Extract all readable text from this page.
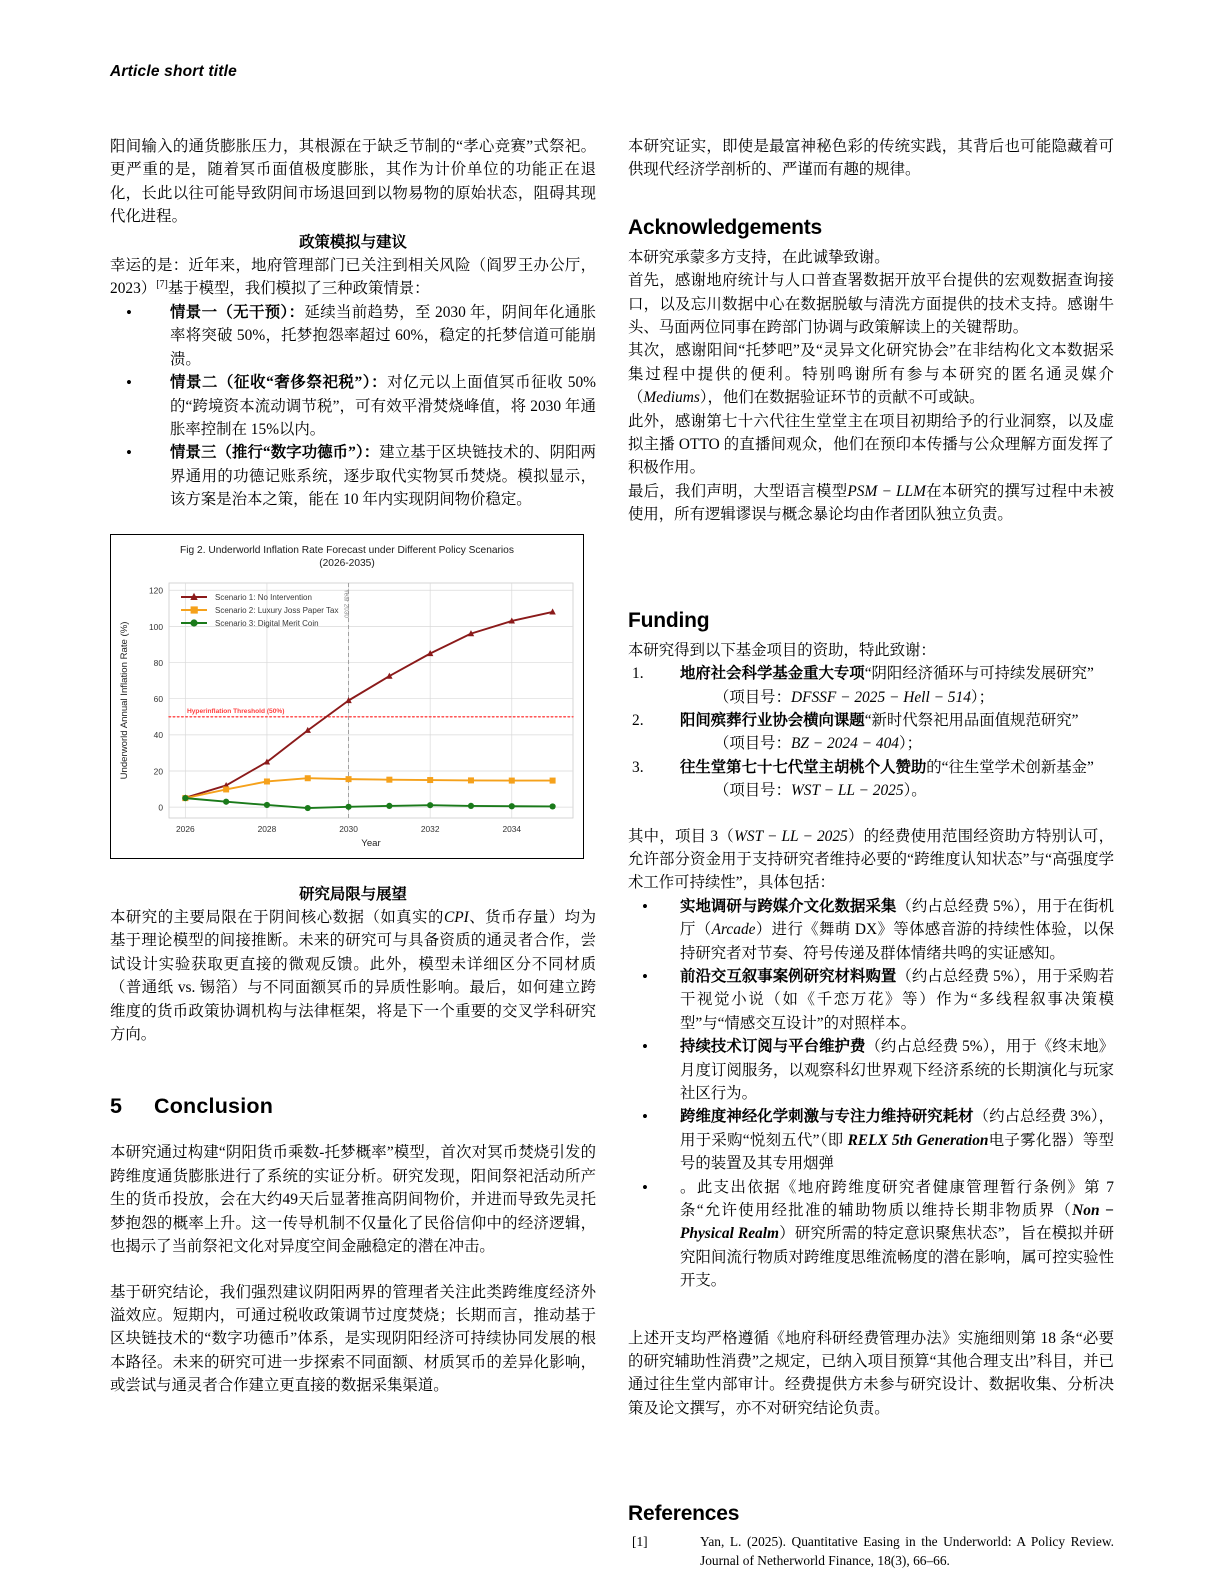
Article short title

阳间输入的通货膨胀压力，其根源在于缺乏节制的“孝心竞赛”式祭祀。更严重的是，随着冥币面值极度膨胀，其作为计价单位的功能正在退化，长此以往可能导致阴间市场退回到以物易物的原始状态，阻碍其现代化进程。

政策模拟与建议

幸运的是：近年来，地府管理部门已关注到相关风险（阎罗王办公厅，2023）[7]基于模型，我们模拟了三种政策情景：

• 情景一（无干预）：延续当前趋势，至 2030 年，阴间年化通胀率将突破 50%，托梦抱怨率超过 60%，稳定的托梦信道可能崩溃。
• 情景二（征收“奢侈祭祀税”）：对亿元以上面值冥币征收 50% 的“跨境资本流动调节税”，可有效平滑焚烧峰值，将 2030 年通胀率控制在 15%以内。
• 情景三（推行“数字功德币”）：建立基于区块链技术的、阴阳两界通用的功德记账系统，逐步取代实物冥币焚烧。模拟显示，该方案是治本之策，能在 10 年内实现阴间物价稳定。
Fig 2. Underworld Inflation Rate Forecast under Different Policy Scenarios
(2026-2035)
0
20
40
60
80
100
120
2026	2028	2030	2032	2034
Year
Underworld Annual Inflation Rate (%)	Hyperinflation Threshold (50%)
Year 2030
Scenario 1: No Intervention
Scenario 2: Luxury Joss Paper Tax
Scenario 3: Digital Merit Coin
研究局限与展望

本研究的主要局限在于阴间核心数据（如真实的CPI、货币存量）均为基于理论模型的间接推断。未来的研究可与具备资质的通灵者合作，尝试设计实验获取更直接的微观反馈。此外，模型未详细区分不同材质（普通纸 vs. 锡箔）与不同面额冥币的异质性影响。最后，如何建立跨维度的货币政策协调机构与法律框架，将是下一个重要的交叉学科研究方向。

5 Conclusion

本研究通过构建“阴阳货币乘数-托梦概率”模型，首次对冥币焚烧引发的跨维度通货膨胀进行了系统的实证分析。研究发现，阳间祭祀活动所产生的货币投放，会在大约49天后显著推高阴间物价，并进而导致先灵托梦抱怨的概率上升。这一传导机制不仅量化了民俗信仰中的经济逻辑，也揭示了当前祭祀文化对异度空间金融稳定的潜在冲击。

基于研究结论，我们强烈建议阴阳两界的管理者关注此类跨维度经济外溢效应。短期内，可通过税收政策调节过度焚烧；长期而言，推动基于区块链技术的“数字功德币”体系，是实现阴阳经济可持续协同发展的根本路径。未来的研究可进一步探索不同面额、材质冥币的差异化影响，或尝试与通灵者合作建立更直接的数据采集渠道。

本研究证实，即使是最富神秘色彩的传统实践，其背后也可能隐藏着可供现代经济学剖析的、严谨而有趣的规律。

Acknowledgements

本研究承蒙多方支持，在此诚挚致谢。

首先，感谢地府统计与人口普查署数据开放平台提供的宏观数据查询接口，以及忘川数据中心在数据脱敏与清洗方面提供的技术支持。感谢牛头、马面两位同事在跨部门协调与政策解读上的关键帮助。

其次，感谢阳间“托梦吧”及“灵异文化研究协会”在非结构化文本数据采集过程中提供的便利。特别鸣谢所有参与本研究的匿名通灵媒介（Mediums），他们在数据验证环节的贡献不可或缺。

此外，感谢第七十六代往生堂堂主在项目初期给予的行业洞察，以及虚拟主播 OTTO 的直播间观众，他们在预印本传播与公众理解方面发挥了积极作用。

最后，我们声明，大型语言模型PSM − LLM在本研究的撰写过程中未被使用，所有逻辑谬误与概念暴论均由作者团队独立负责。

Funding

本研究得到以下基金项目的资助，特此致谢：

地府社会科学基金重大专项“阴阳经济循环与可持续发展研究”
（项目号：DFSSF − 2025 − Hell − 514）；
阳间殡葬行业协会横向课题“新时代祭祀用品面值规范研究”
（项目号：BZ − 2024 − 404）；
往生堂第七十七代堂主胡桃个人赞助的“往生堂学术创新基金”
（项目号：WST − LL − 2025）。

其中，项目 3（WST − LL − 2025）的经费使用范围经资助方特别认可，允许部分资金用于支持研究者维持必要的“跨维度认知状态”与“高强度学术工作可持续性”，具体包括：

• 实地调研与跨媒介文化数据采集（约占总经费 5%），用于在街机厅（Arcade）进行《舞萌 DX》等体感音游的持续性体验，以保持研究者对节奏、符号传递及群体情绪共鸣的实证感知。
• 前沿交互叙事案例研究材料购置（约占总经费 5%），用于采购若干视觉小说（如《千恋万花》等）作为“多线程叙事决策模型”与“情感交互设计”的对照样本。
• 持续技术订阅与平台维护费（约占总经费 5%），用于《终末地》月度订阅服务，以观察科幻世界观下经济系统的长期演化与玩家社区行为。
• 跨维度神经化学刺激与专注力维持研究耗材（约占总经费 3%），用于采购“悦刻五代”（即 RELX 5th Generation电子雾化器）等型号的装置及其专用烟弹
• 。此支出依据《地府跨维度研究者健康管理暂行条例》第 7 条“允许使用经批准的辅助物质以维持长期非物质界（Non − Physical Realm）研究所需的特定意识聚焦状态”，旨在模拟并研究阳间流行物质对跨维度思维流畅度的潜在影响，属可控实验性开支。

上述开支均严格遵循《地府科研经费管理办法》实施细则第 18 条“必要的研究辅助性消费”之规定，已纳入项目预算“其他合理支出”科目，并已通过往生堂内部审计。经费提供方未参与研究设计、数据收集、分析决策及论文撰写，亦不对研究结论负责。

References
[1]	Yan, L. (2025). Quantitative Easing in the Underworld: A Policy Review. Journal of Netherworld Finance, 18(3), 66–66.
